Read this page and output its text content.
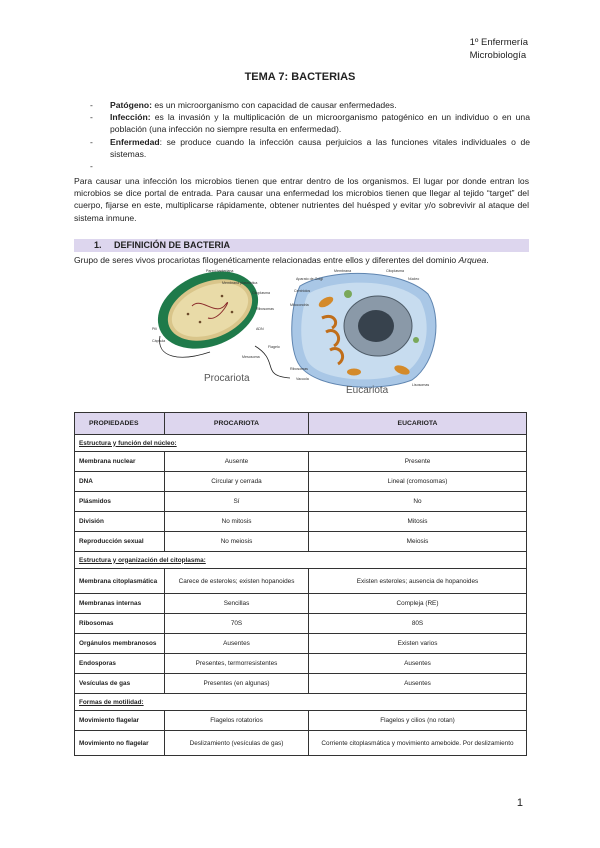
1º Enfermería
Microbiología
TEMA 7: BACTERIAS
- Patógeno: es un microorganismo con capacidad de causar enfermedades.
- Infección: es la invasión y la multiplicación de un microorganismo patogénico en un individuo o en una población (una infección no siempre resulta en enfermedad).
- Enfermedad: se produce cuando la infección causa perjuicios a las funciones vitales individuales o de sistemas.
-
Para causar una infección los microbios tienen que entrar dentro de los organismos. El lugar por donde entran los microbios se dice portal de entrada. Para causar una enfermedad los microbios tienen que llegar al tejido “target” del cuerpo, fijarse en este, multiplicarse rápidamente, obtener nutrientes del huésped y evitar y/o sobrevivir al ataque del sistema inmune.
1. DEFINICIÓN DE BACTERIA
Grupo de seres vivos procariotas filogenéticamente relacionadas entre ellos y diferentes del dominio Arquea.
Pared bacteriana
Membrana plasmática
Citoplasma
Ribosomas
ADN
Pili
Cápsula
Flagelo
Mesosoma
Procariota
Membrana	Citoplasma
Núcleo
Aparato de Golgi
Centriolos
Mitocondria
Ribosomas
Lisosomas
Vacuola
Eucariota
PROPIEDADES	PROCARIOTA	EUCARIOTA
Estructura y función del núcleo:		
Membrana nuclear	Ausente	Presente
DNA	Circular y cerrada	Lineal (cromosomas)
Plásmidos	Sí	No
División	No mitosis	Mitosis
Reproducción sexual	No meiosis	Meiosis
Estructura y organización del citoplasma:		
Membrana citoplasmática	Carece de esteroles; existen hopanoides	Existen esteroles; ausencia de hopanoides
Membranas internas	Sencillas	Compleja (RE)
Ribosomas	70S	80S
Orgánulos membranosos	Ausentes	Existen varios
Endosporas	Presentes, termorresistentes	Ausentes
Vesículas de gas	Presentes (en algunas)	Ausentes
Formas de motilidad:		
Movimiento flagelar	Flagelos rotatorios	Flagelos y cilios (no rotan)
Movimiento no flagelar	Deslizamiento (vesículas de gas)	Corriente citoplasmática y movimiento ameboide. Por deslizamiento
1
